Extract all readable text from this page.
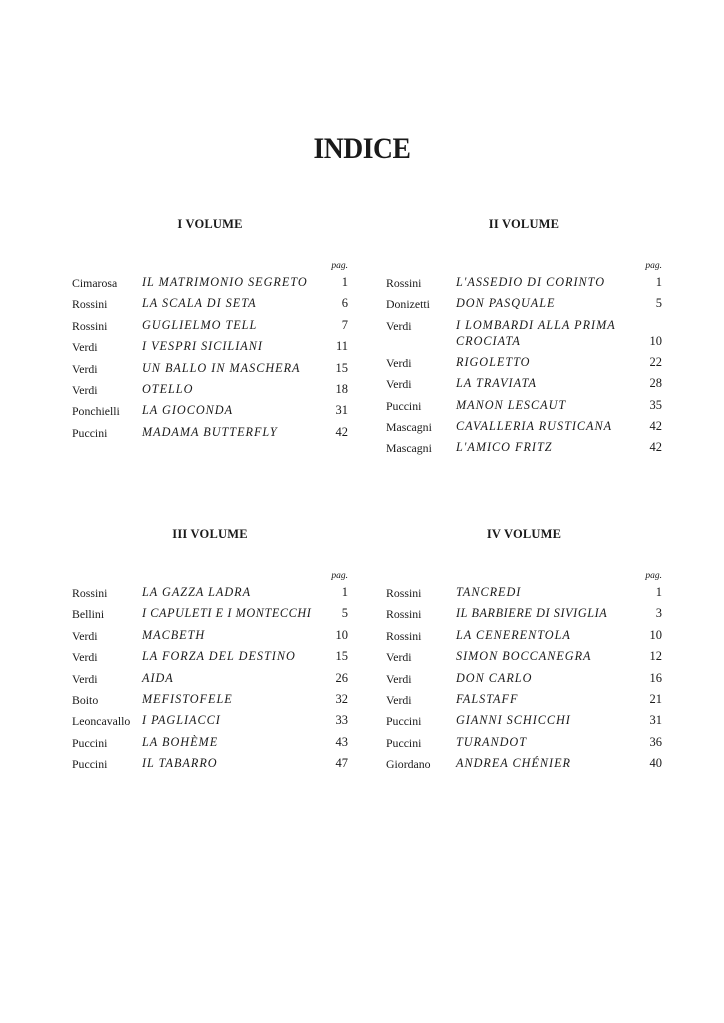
INDICE
I VOLUME
pag.
Cimarosa	IL MATRIMONIO SEGRETO	1
Rossini	LA SCALA DI SETA	6
Rossini	GUGLIELMO TELL	7
Verdi	I VESPRI SICILIANI	11
Verdi	UN BALLO IN MASCHERA	15
Verdi	OTELLO	18
Ponchielli	LA GIOCONDA	31
Puccini	MADAMA BUTTERFLY	42
II VOLUME
pag.
Rossini	L'ASSEDIO DI CORINTO	1
Donizetti	DON PASQUALE	5
Verdi	I LOMBARDI ALLA PRIMA CROCIATA	10
Verdi	RIGOLETTO	22
Verdi	LA TRAVIATA	28
Puccini	MANON LESCAUT	35
Mascagni	CAVALLERIA RUSTICANA	42
Mascagni	L'AMICO FRITZ	42
III VOLUME
pag.
Rossini	LA GAZZA LADRA	1
Bellini	I CAPULETI E I MONTECCHI	5
Verdi	MACBETH	10
Verdi	LA FORZA DEL DESTINO	15
Verdi	AIDA	26
Boito	MEFISTOFELE	32
Leoncavallo I PAGLIACCI	33
Puccini	LA BOHÈME	43
Puccini	IL TABARRO	47
IV VOLUME
pag.
Rossini	TANCREDI	1
Rossini	IL BARBIERE DI SIVIGLIA	3
Rossini	LA CENERENTOLA	10
Verdi	SIMON BOCCANEGRA	12
Verdi	DON CARLO	16
Verdi	FALSTAFF	21
Puccini	GIANNI SCHICCHI	31
Puccini	TURANDOT	36
Giordano	ANDREA CHÉNIER	40
